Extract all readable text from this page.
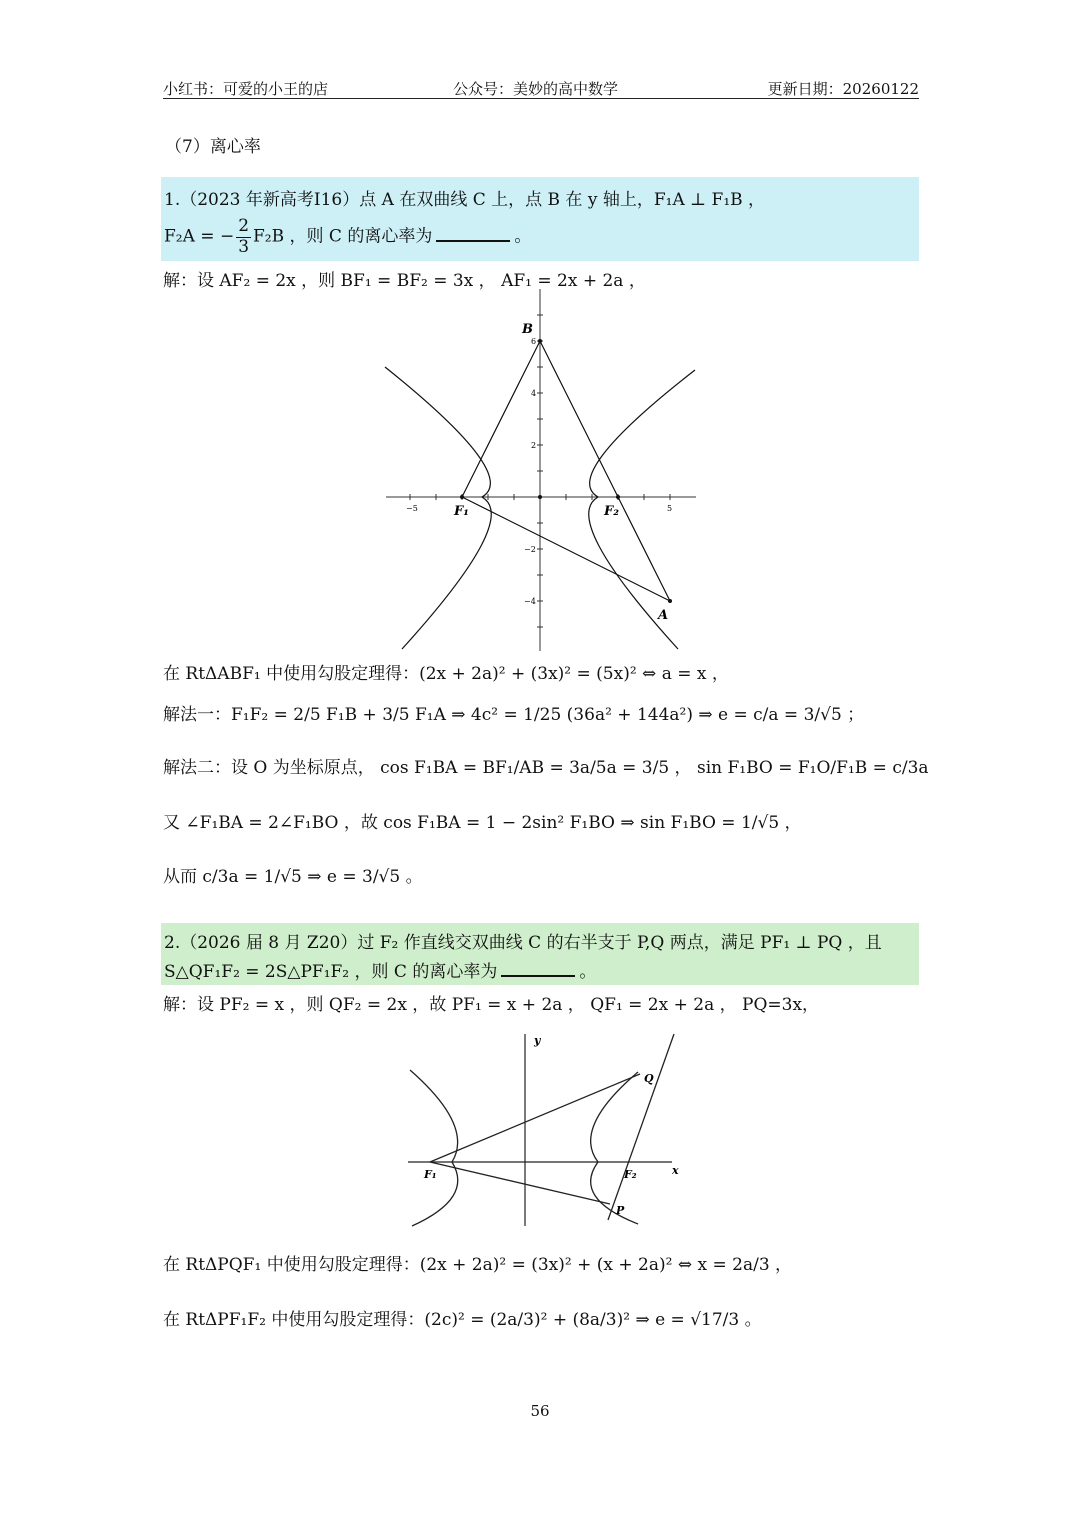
小红书：可爱的小王的店	公众号：美妙的高中数学	更新日期：20260122
（7）离心率
1.（2023 年新高考Ⅰ16）点 A 在双曲线 C 上，点 B 在 y 轴上，F₁A ⊥ F₁B ，
F₂A = − $\frac{2}{3} F_2B$ ，则 C 的离心率为	。
解：设 AF₂ = 2x ，则 BF₁ = BF₂ = 3x ， AF₁ = 2x + 2a ，
−5	5
6
4
2
−2
−4
B
F₁	F₂
A
在 RtΔABF₁ 中使用勾股定理得：(2x + 2a)² + (3x)² = (5x)² ⇔ a = x ，
解法一：F₁F₂ = 2/5 F₁B + 3/5 F₁A ⇒ 4c² = 1/25 (36a² + 144a²) ⇒ e = c/a = 3/√5 ；
解法二：设 O 为坐标原点， cos F₁BA = BF₁/AB = 3a/5a = 3/5 ， sin F₁BO = F₁O/F₁B = c/3a
又 ∠F₁BA = 2∠F₁BO ，故 cos F₁BA = 1 − 2sin² F₁BO ⇒ sin F₁BO = 1/√5 ，
从而 c/3a = 1/√5 ⇒ e = 3/√5 。
2.（2026 届 8 月 Z20）过 F₂ 作直线交双曲线 C 的右半支于 P,Q 两点，满足 PF₁ ⊥ PQ ，且
S△QF₁F₂ = 2S△PF₁F₂ ，则 C 的离心率为	。
解：设 PF₂ = x ，则 QF₂ = 2x ，故 PF₁ = x + 2a ， QF₁ = 2x + 2a ， PQ=3x，
y
x
Q
F₁	F₂
P
在 RtΔPQF₁ 中使用勾股定理得：(2x + 2a)² = (3x)² + (x + 2a)² ⇔ x = 2a/3 ，
在 RtΔPF₁F₂ 中使用勾股定理得：(2c)² = (2a/3)² + (8a/3)² ⇒ e = √17/3 。
56
